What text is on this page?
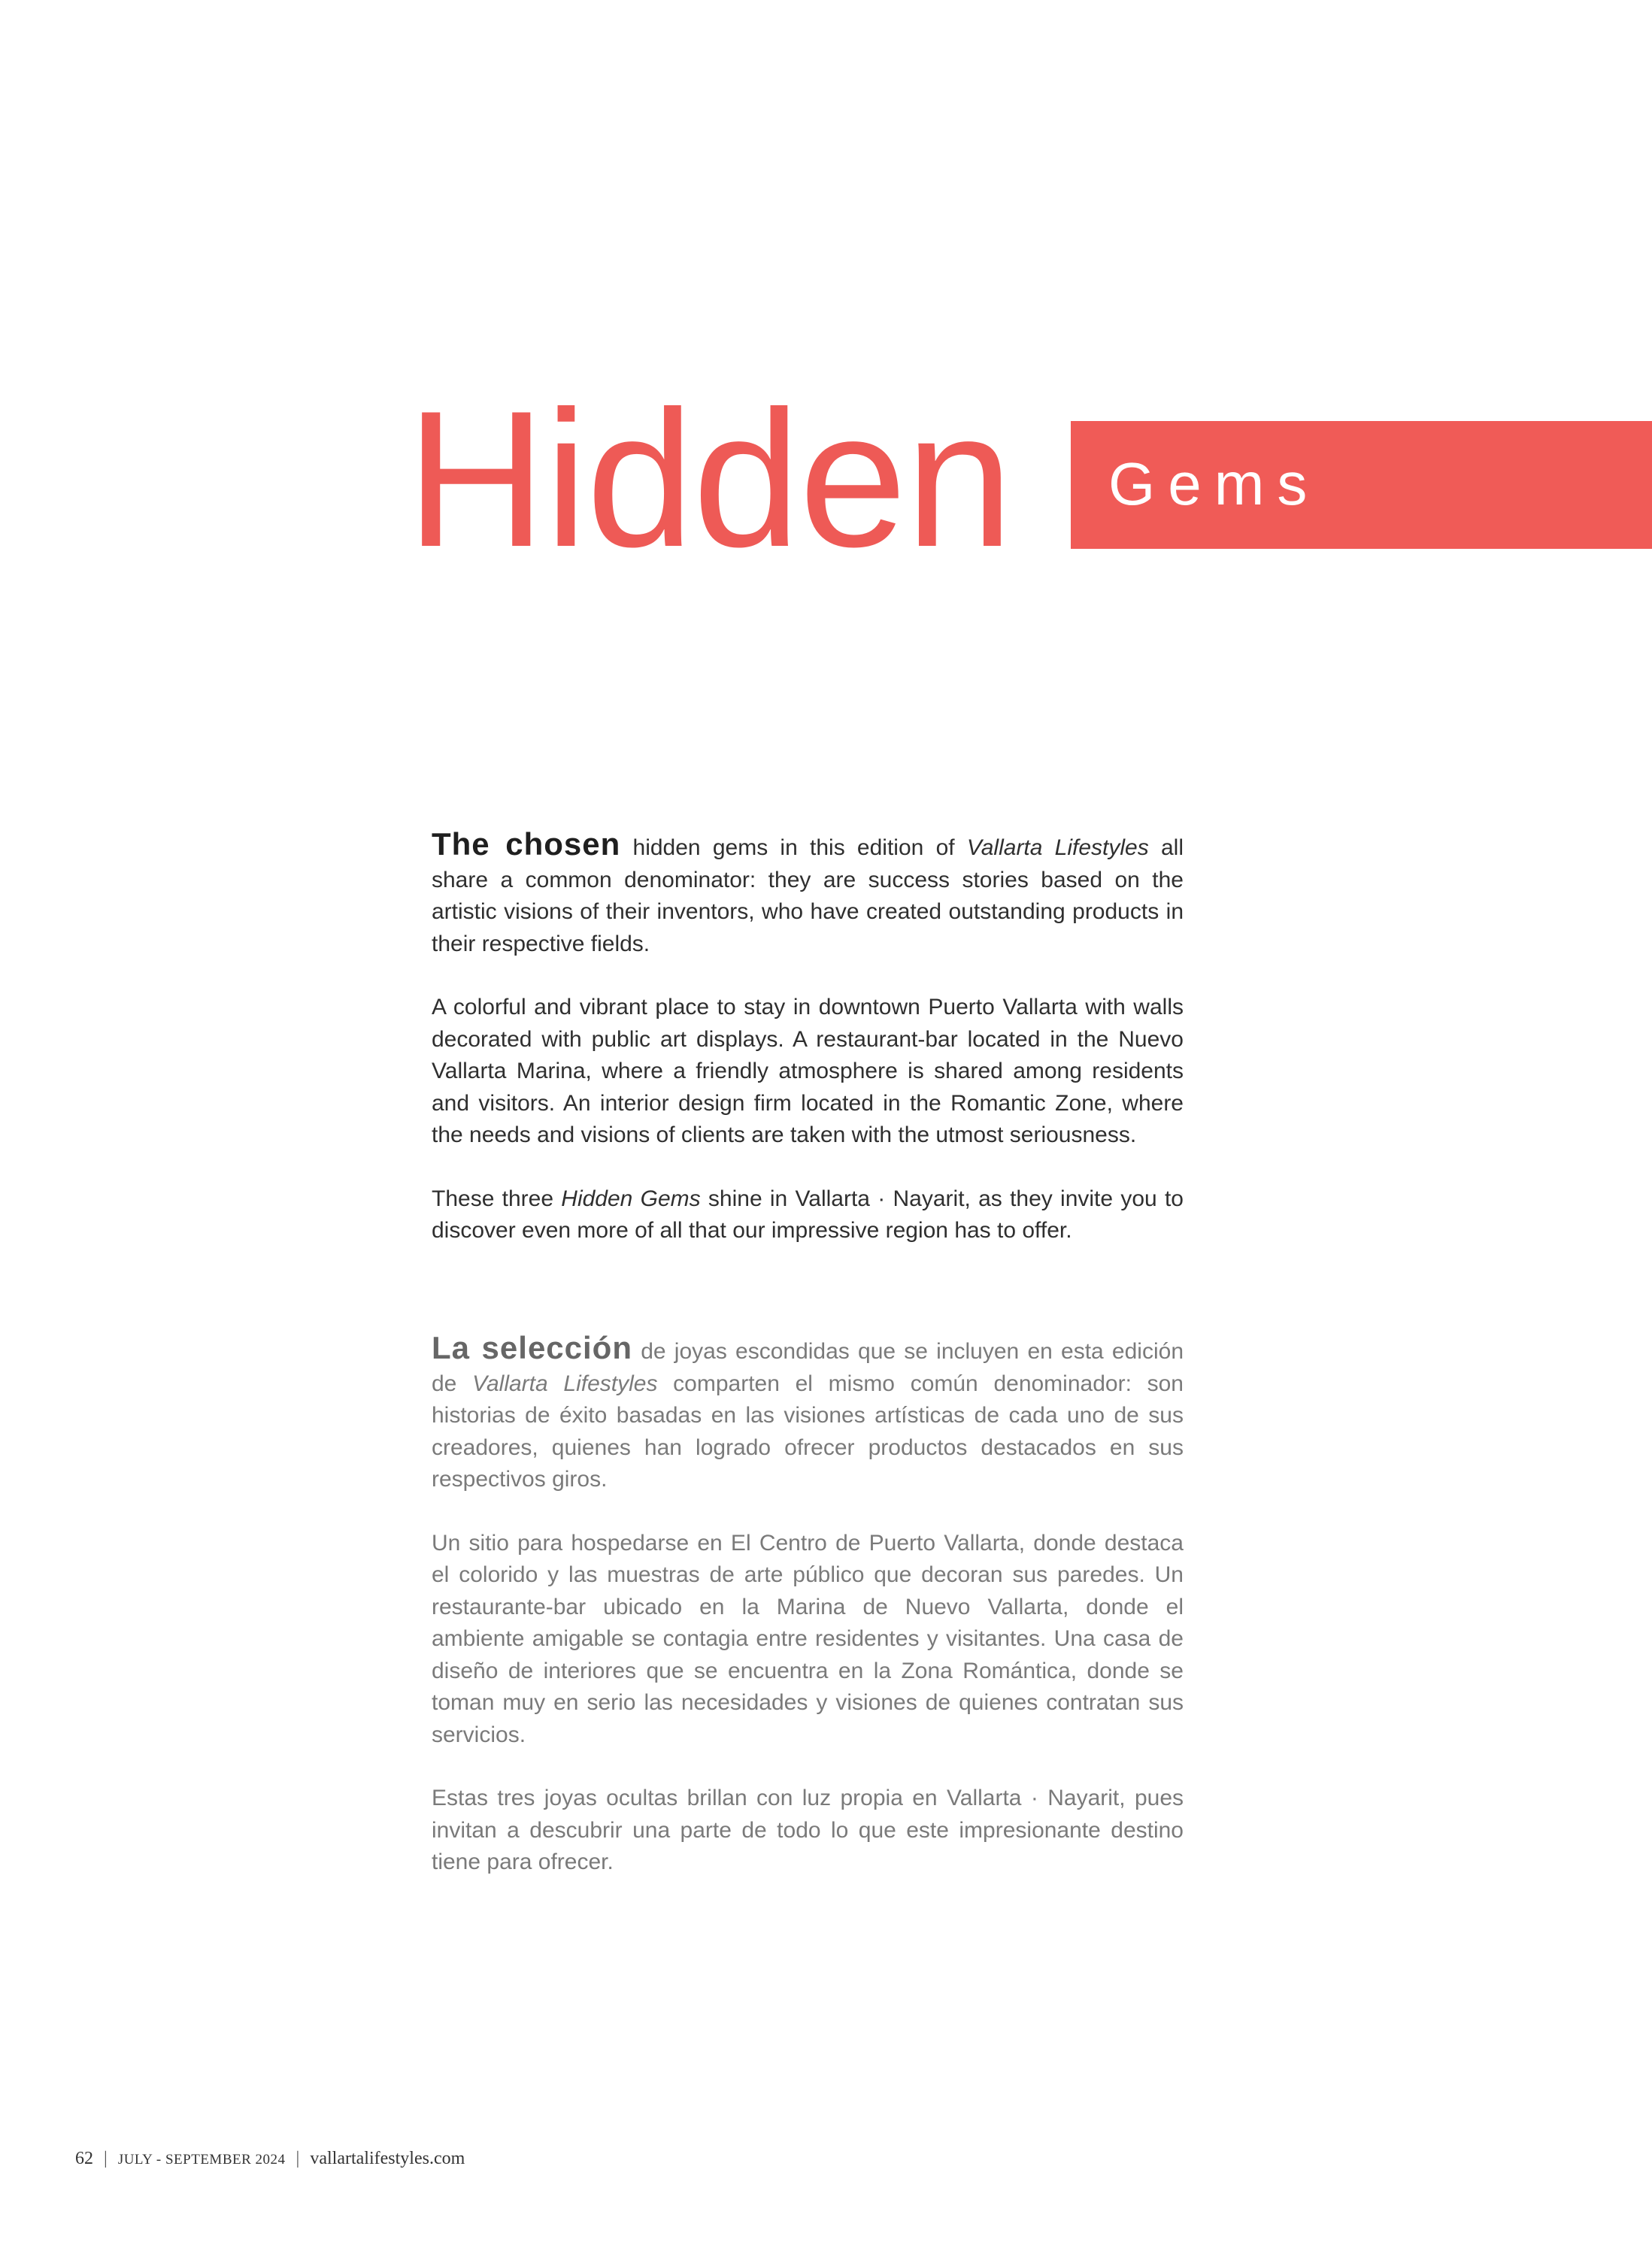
Hidden Gems

The chosen hidden gems in this edition of Vallarta Lifestyles all share a common denominator: they are success stories based on the artistic visions of their inventors, who have created outstanding products in their respective fields.

A colorful and vibrant place to stay in downtown Puerto Vallarta with walls decorated with public art displays. A restaurant-bar located in the Nuevo Vallarta Marina, where a friendly atmosphere is shared among residents and visitors. An interior design firm located in the Romantic Zone, where the needs and visions of clients are taken with the utmost seriousness.

These three Hidden Gems shine in Vallarta · Nayarit, as they invite you to discover even more of all that our impressive region has to offer.

La selección de joyas escondidas que se incluyen en esta edición de Vallarta Lifestyles comparten el mismo común denominador: son historias de éxito basadas en las visiones artísticas de cada uno de sus creadores, quienes han logrado ofrecer productos destacados en sus respectivos giros.

Un sitio para hospedarse en El Centro de Puerto Vallarta, donde destaca el colorido y las muestras de arte público que decoran sus paredes. Un restaurante-bar ubicado en la Marina de Nuevo Vallarta, donde el ambiente amigable se contagia entre residentes y visitantes. Una casa de diseño de interiores que se encuentra en la Zona Romántica, donde se toman muy en serio las necesidades y visiones de quienes contratan sus servicios.

Estas tres joyas ocultas brillan con luz propia en Vallarta · Nayarit, pues invitan a descubrir una parte de todo lo que este impresionante destino tiene para ofrecer.

62 | JULY - SEPTEMBER 2024 | vallartalifestyles.com
